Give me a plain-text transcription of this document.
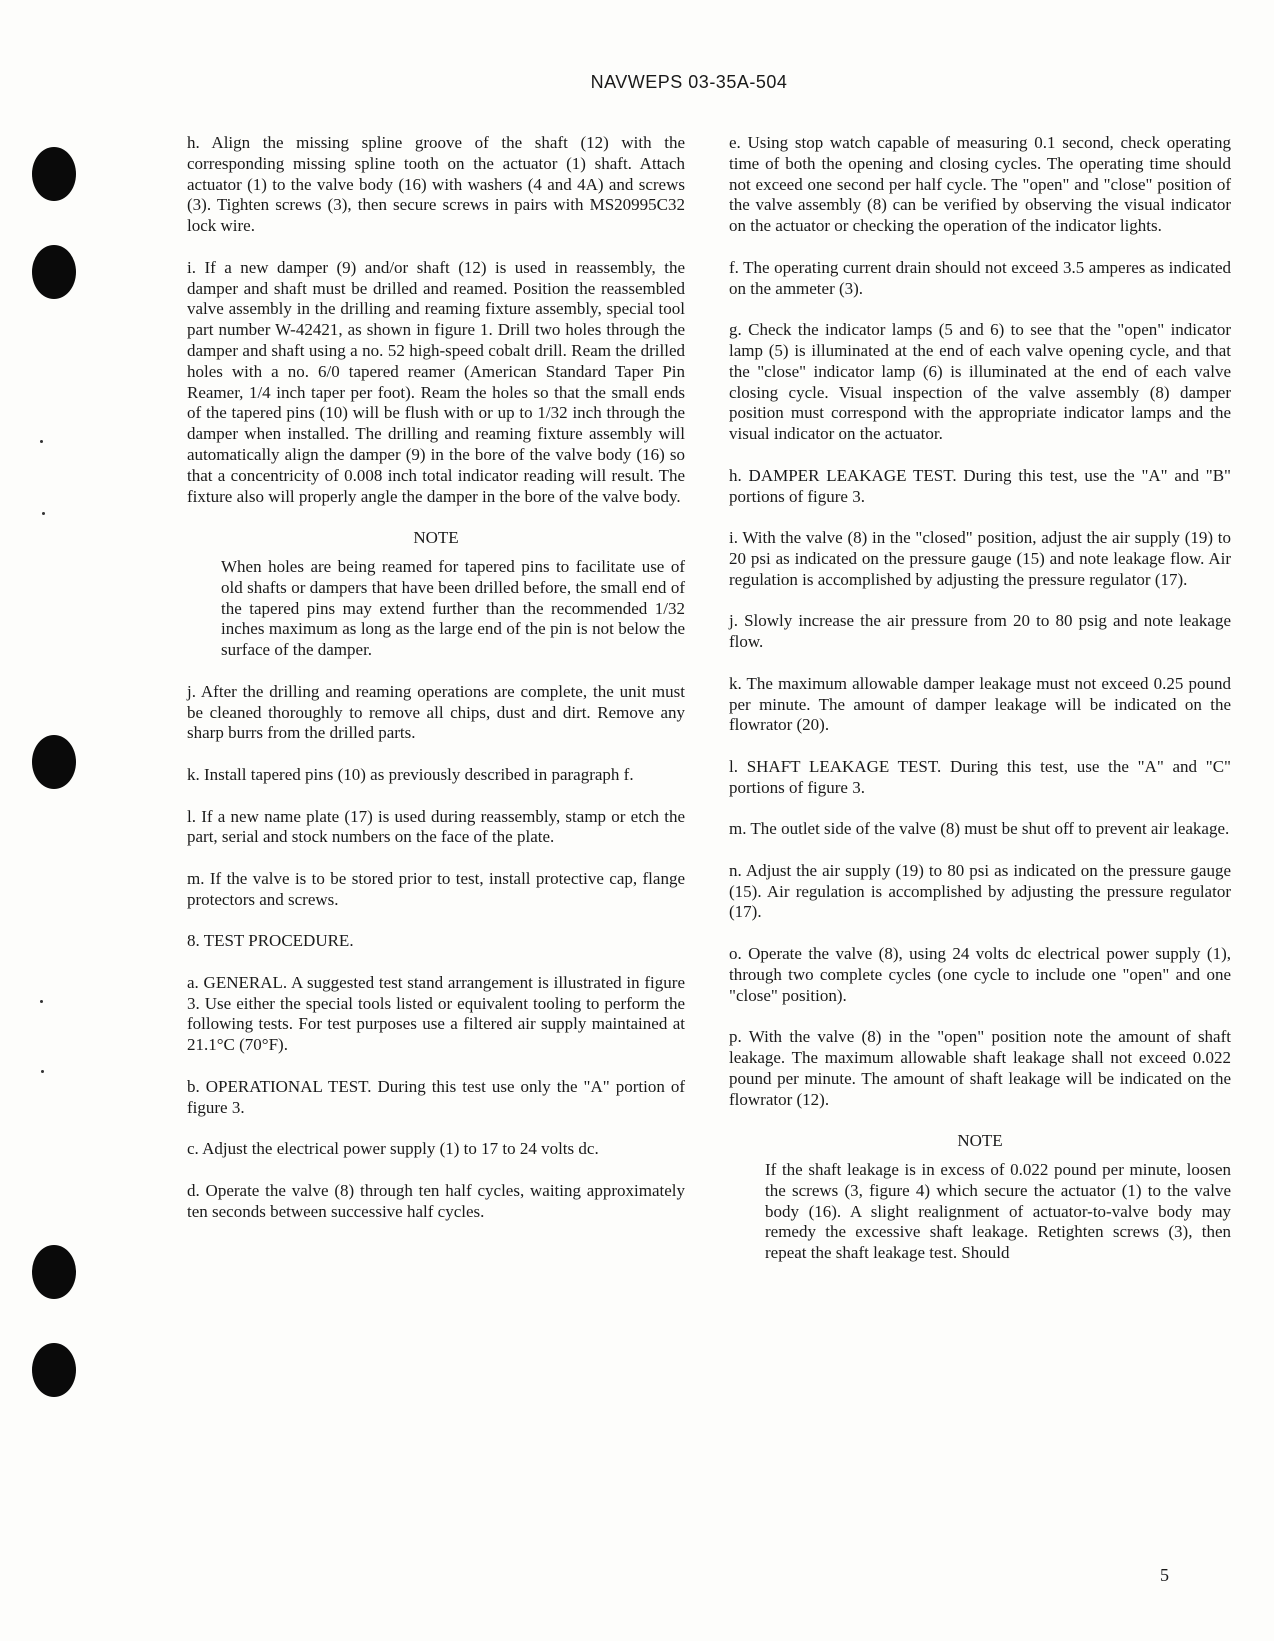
NAVWEPS 03-35A-504

h. Align the missing spline groove of the shaft (12) with the corresponding missing spline tooth on the actuator (1) shaft. Attach actuator (1) to the valve body (16) with washers (4 and 4A) and screws (3). Tighten screws (3), then secure screws in pairs with MS20995C32 lock wire.

i. If a new damper (9) and/or shaft (12) is used in reassembly, the damper and shaft must be drilled and reamed. Position the reassembled valve assembly in the drilling and reaming fixture assembly, special tool part number W-42421, as shown in figure 1. Drill two holes through the damper and shaft using a no. 52 high-speed cobalt drill. Ream the drilled holes with a no. 6/0 tapered reamer (American Standard Taper Pin Reamer, 1/4 inch taper per foot). Ream the holes so that the small ends of the tapered pins (10) will be flush with or up to 1/32 inch through the damper when installed. The drilling and reaming fixture assembly will automatically align the damper (9) in the bore of the valve body (16) so that a concentricity of 0.008 inch total indicator reading will result. The fixture also will properly angle the damper in the bore of the valve body.

NOTE

When holes are being reamed for tapered pins to facilitate use of old shafts or dampers that have been drilled before, the small end of the tapered pins may extend further than the recommended 1/32 inches maximum as long as the large end of the pin is not below the surface of the damper.

j. After the drilling and reaming operations are complete, the unit must be cleaned thoroughly to remove all chips, dust and dirt. Remove any sharp burrs from the drilled parts.

k. Install tapered pins (10) as previously described in paragraph f.

l. If a new name plate (17) is used during reassembly, stamp or etch the part, serial and stock numbers on the face of the plate.

m. If the valve is to be stored prior to test, install protective cap, flange protectors and screws.

8. TEST PROCEDURE.

a. GENERAL. A suggested test stand arrangement is illustrated in figure 3. Use either the special tools listed or equivalent tooling to perform the following tests. For test purposes use a filtered air supply maintained at 21.1°C (70°F).

b. OPERATIONAL TEST. During this test use only the "A" portion of figure 3.

c. Adjust the electrical power supply (1) to 17 to 24 volts dc.

d. Operate the valve (8) through ten half cycles, waiting approximately ten seconds between successive half cycles.

e. Using stop watch capable of measuring 0.1 second, check operating time of both the opening and closing cycles. The operating time should not exceed one second per half cycle. The "open" and "close" position of the valve assembly (8) can be verified by observing the visual indicator on the actuator or checking the operation of the indicator lights.

f. The operating current drain should not exceed 3.5 amperes as indicated on the ammeter (3).

g. Check the indicator lamps (5 and 6) to see that the "open" indicator lamp (5) is illuminated at the end of each valve opening cycle, and that the "close" indicator lamp (6) is illuminated at the end of each valve closing cycle. Visual inspection of the valve assembly (8) damper position must correspond with the appropriate indicator lamps and the visual indicator on the actuator.

h. DAMPER LEAKAGE TEST. During this test, use the "A" and "B" portions of figure 3.

i. With the valve (8) in the "closed" position, adjust the air supply (19) to 20 psi as indicated on the pressure gauge (15) and note leakage flow. Air regulation is accomplished by adjusting the pressure regulator (17).

j. Slowly increase the air pressure from 20 to 80 psig and note leakage flow.

k. The maximum allowable damper leakage must not exceed 0.25 pound per minute. The amount of damper leakage will be indicated on the flowrator (20).

l. SHAFT LEAKAGE TEST. During this test, use the "A" and "C" portions of figure 3.

m. The outlet side of the valve (8) must be shut off to prevent air leakage.

n. Adjust the air supply (19) to 80 psi as indicated on the pressure gauge (15). Air regulation is accomplished by adjusting the pressure regulator (17).

o. Operate the valve (8), using 24 volts dc electrical power supply (1), through two complete cycles (one cycle to include one "open" and one "close" position).

p. With the valve (8) in the "open" position note the amount of shaft leakage. The maximum allowable shaft leakage shall not exceed 0.022 pound per minute. The amount of shaft leakage will be indicated on the flowrator (12).

NOTE

If the shaft leakage is in excess of 0.022 pound per minute, loosen the screws (3, figure 4) which secure the actuator (1) to the valve body (16). A slight realignment of actuator-to-valve body may remedy the excessive shaft leakage. Retighten screws (3), then repeat the shaft leakage test. Should

5
